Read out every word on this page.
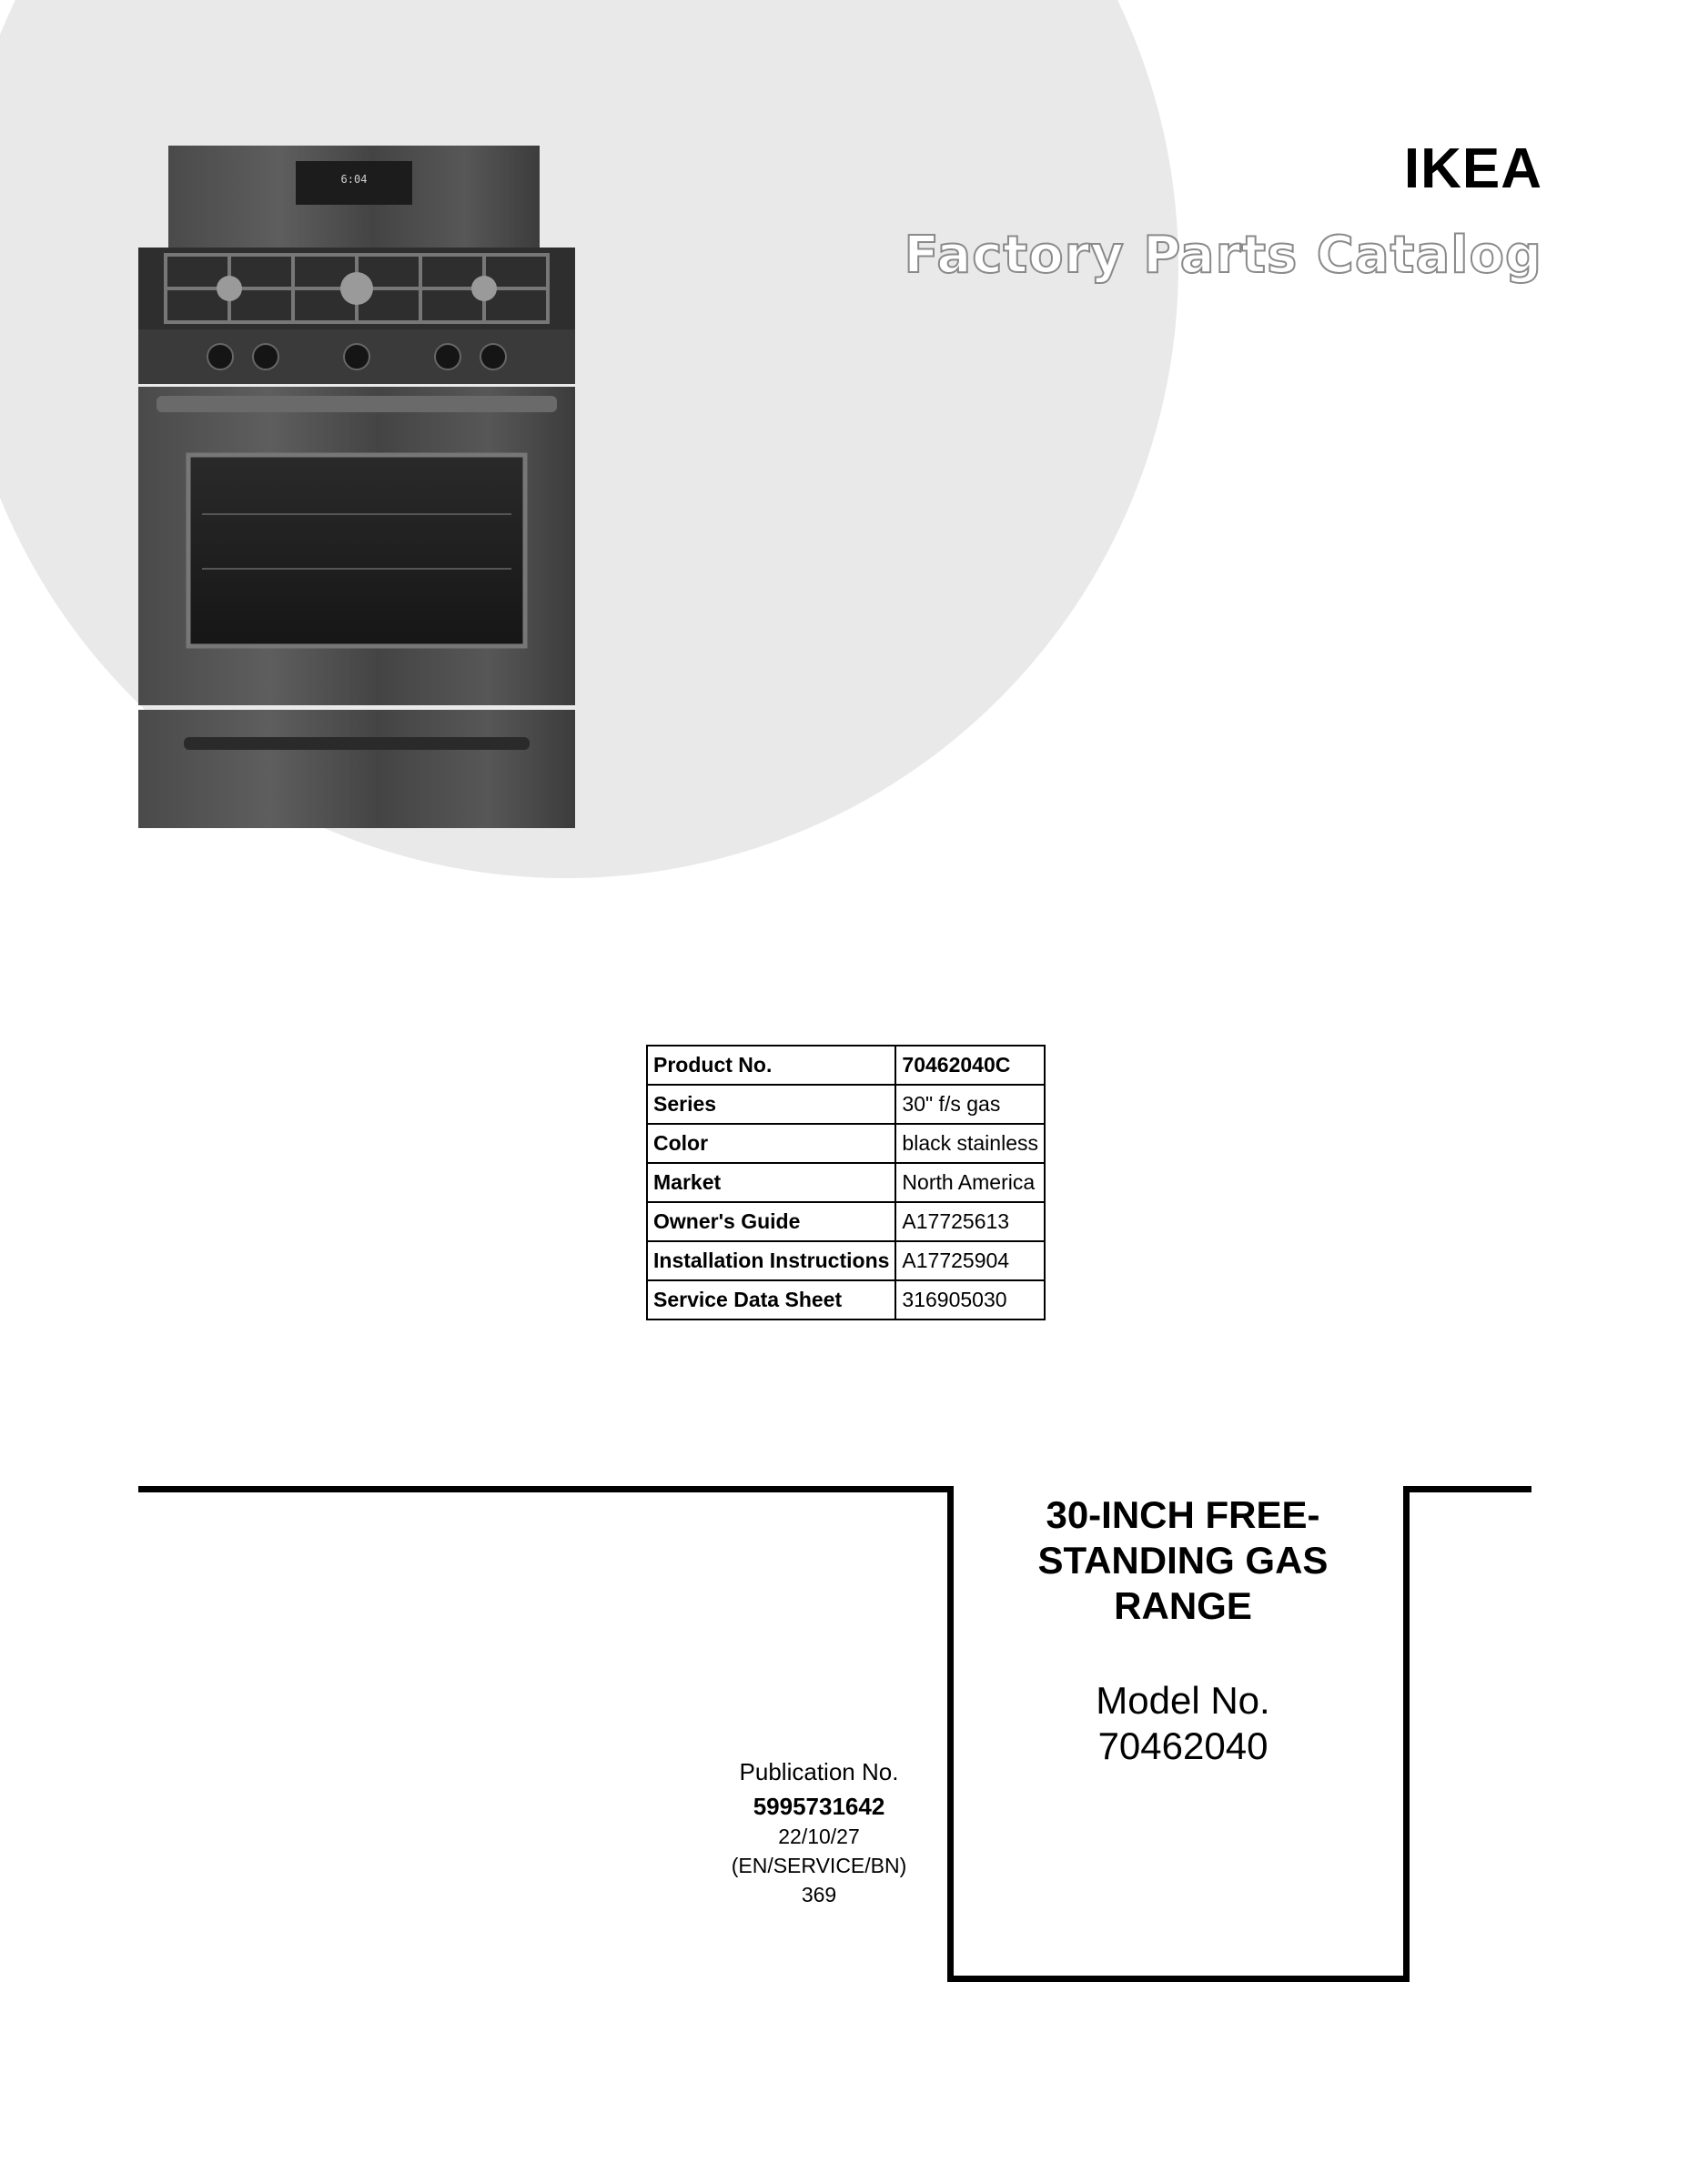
IKEA
Factory Parts Catalog
6:04
Product No.	70462040C
Series	30" f/s gas
Color	black stainless
Market	North America
Owner's Guide	A17725613
Installation Instructions	A17725904
Service Data Sheet	316905030
30-INCH FREE-
STANDING GAS
RANGE
Model No.
70462040
Publication No.
5995731642
22/10/27
(EN/SERVICE/BN)
369
